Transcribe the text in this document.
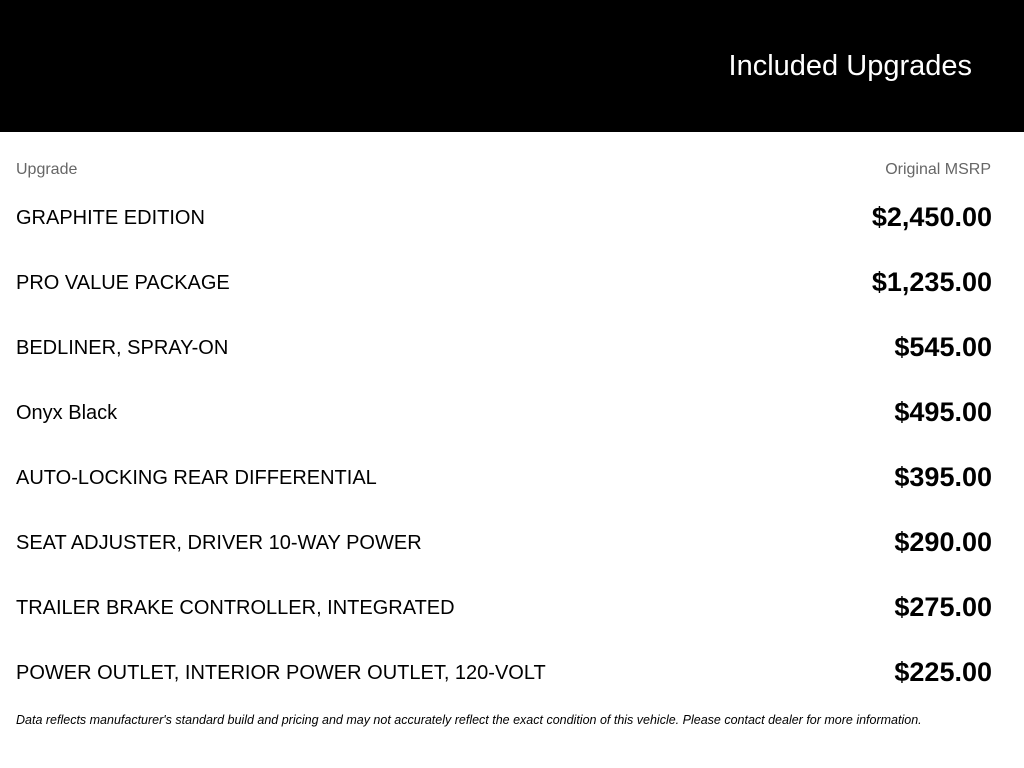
Included Upgrades
Upgrade	Original MSRP
GRAPHITE EDITION	$2,450.00
PRO VALUE PACKAGE	$1,235.00
BEDLINER, SPRAY-ON	$545.00
Onyx Black	$495.00
AUTO-LOCKING REAR DIFFERENTIAL	$395.00
SEAT ADJUSTER, DRIVER 10-WAY POWER	$290.00
TRAILER BRAKE CONTROLLER, INTEGRATED	$275.00
POWER OUTLET, INTERIOR POWER OUTLET, 120-VOLT	$225.00
Data reflects manufacturer's standard build and pricing and may not accurately reflect the exact condition of this vehicle. Please contact dealer for more information.
